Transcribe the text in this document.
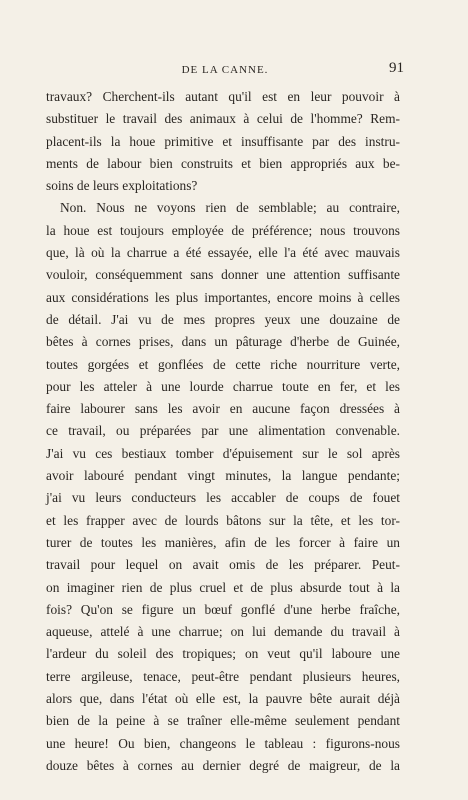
DE LA CANNE.	91
travaux? Cherchent-ils autant qu'il est en leur pouvoir à
substituer le travail des animaux à celui de l'homme? Rem-
placent-ils la houe primitive et insuffisante par des instru-
ments de labour bien construits et bien appropriés aux be-
soins de leurs exploitations?
Non. Nous ne voyons rien de semblable; au contraire,
la houe est toujours employée de préférence; nous trouvons
que, là où la charrue a été essayée, elle l'a été avec mauvais
vouloir, conséquemment sans donner une attention suffisante
aux considérations les plus importantes, encore moins à celles
de détail. J'ai vu de mes propres yeux une douzaine de
bêtes à cornes prises, dans un pâturage d'herbe de Guinée,
toutes gorgées et gonflées de cette riche nourriture verte,
pour les atteler à une lourde charrue toute en fer, et les
faire labourer sans les avoir en aucune façon dressées à
ce travail, ou préparées par une alimentation convenable.
J'ai vu ces bestiaux tomber d'épuisement sur le sol après
avoir labouré pendant vingt minutes, la langue pendante;
j'ai vu leurs conducteurs les accabler de coups de fouet
et les frapper avec de lourds bâtons sur la tête, et les tor-
turer de toutes les manières, afin de les forcer à faire un
travail pour lequel on avait omis de les préparer. Peut-
on imaginer rien de plus cruel et de plus absurde tout à la
fois? Qu'on se figure un bœuf gonflé d'une herbe fraîche,
aqueuse, attelé à une charrue; on lui demande du travail à
l'ardeur du soleil des tropiques; on veut qu'il laboure une
terre argileuse, tenace, peut-être pendant plusieurs heures,
alors que, dans l'état où elle est, la pauvre bête aurait déjà
bien de la peine à se traîner elle-même seulement pendant
une heure! Ou bien, changeons le tableau : figurons-nous
douze bêtes à cornes au dernier degré de maigreur, de la
